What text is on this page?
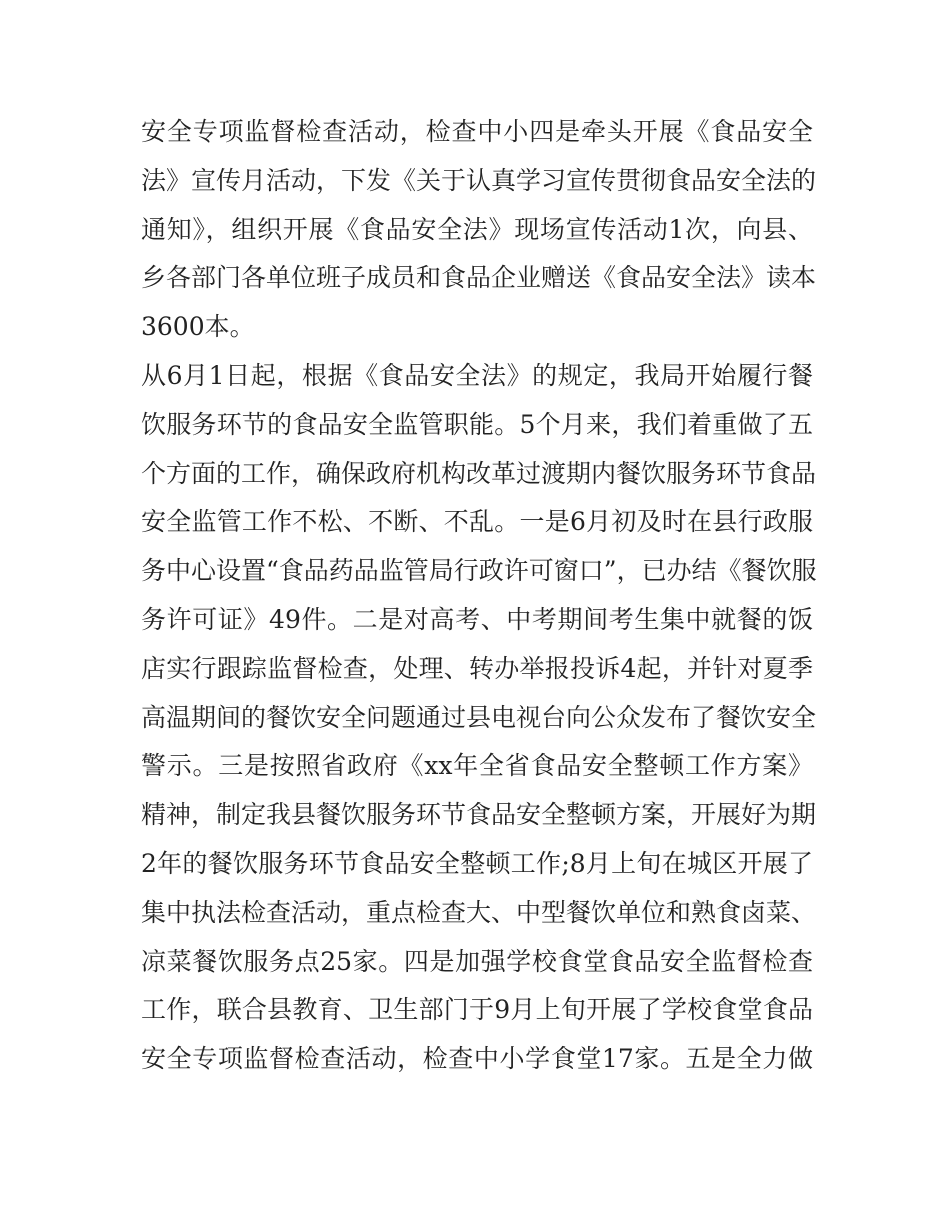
安全专项监督检查活动，检查中小四是牵头开展《食品安全
法》宣传月活动，下发《关于认真学习宣传贯彻食品安全法的
通知》，组织开展《食品安全法》现场宣传活动1次，向县、
乡各部门各单位班子成员和食品企业赠送《食品安全法》读本
3600本。
从6月1日起，根据《食品安全法》的规定，我局开始履行餐
饮服务环节的食品安全监管职能。5个月来，我们着重做了五
个方面的工作，确保政府机构改革过渡期内餐饮服务环节食品
安全监管工作不松、不断、不乱。一是6月初及时在县行政服
务中心设置“食品药品监管局行政许可窗口”，已办结《餐饮服
务许可证》49件。二是对高考、中考期间考生集中就餐的饭
店实行跟踪监督检查，处理、转办举报投诉4起，并针对夏季
高温期间的餐饮安全问题通过县电视台向公众发布了餐饮安全
警示。三是按照省政府《xx年全省食品安全整顿工作方案》
精神，制定我县餐饮服务环节食品安全整顿方案，开展好为期
2年的餐饮服务环节食品安全整顿工作;8月上旬在城区开展了
集中执法检查活动，重点检查大、中型餐饮单位和熟食卤菜、
凉菜餐饮服务点25家。四是加强学校食堂食品安全监督检查
工作，联合县教育、卫生部门于9月上旬开展了学校食堂食品
安全专项监督检查活动，检查中小学食堂17家。五是全力做
